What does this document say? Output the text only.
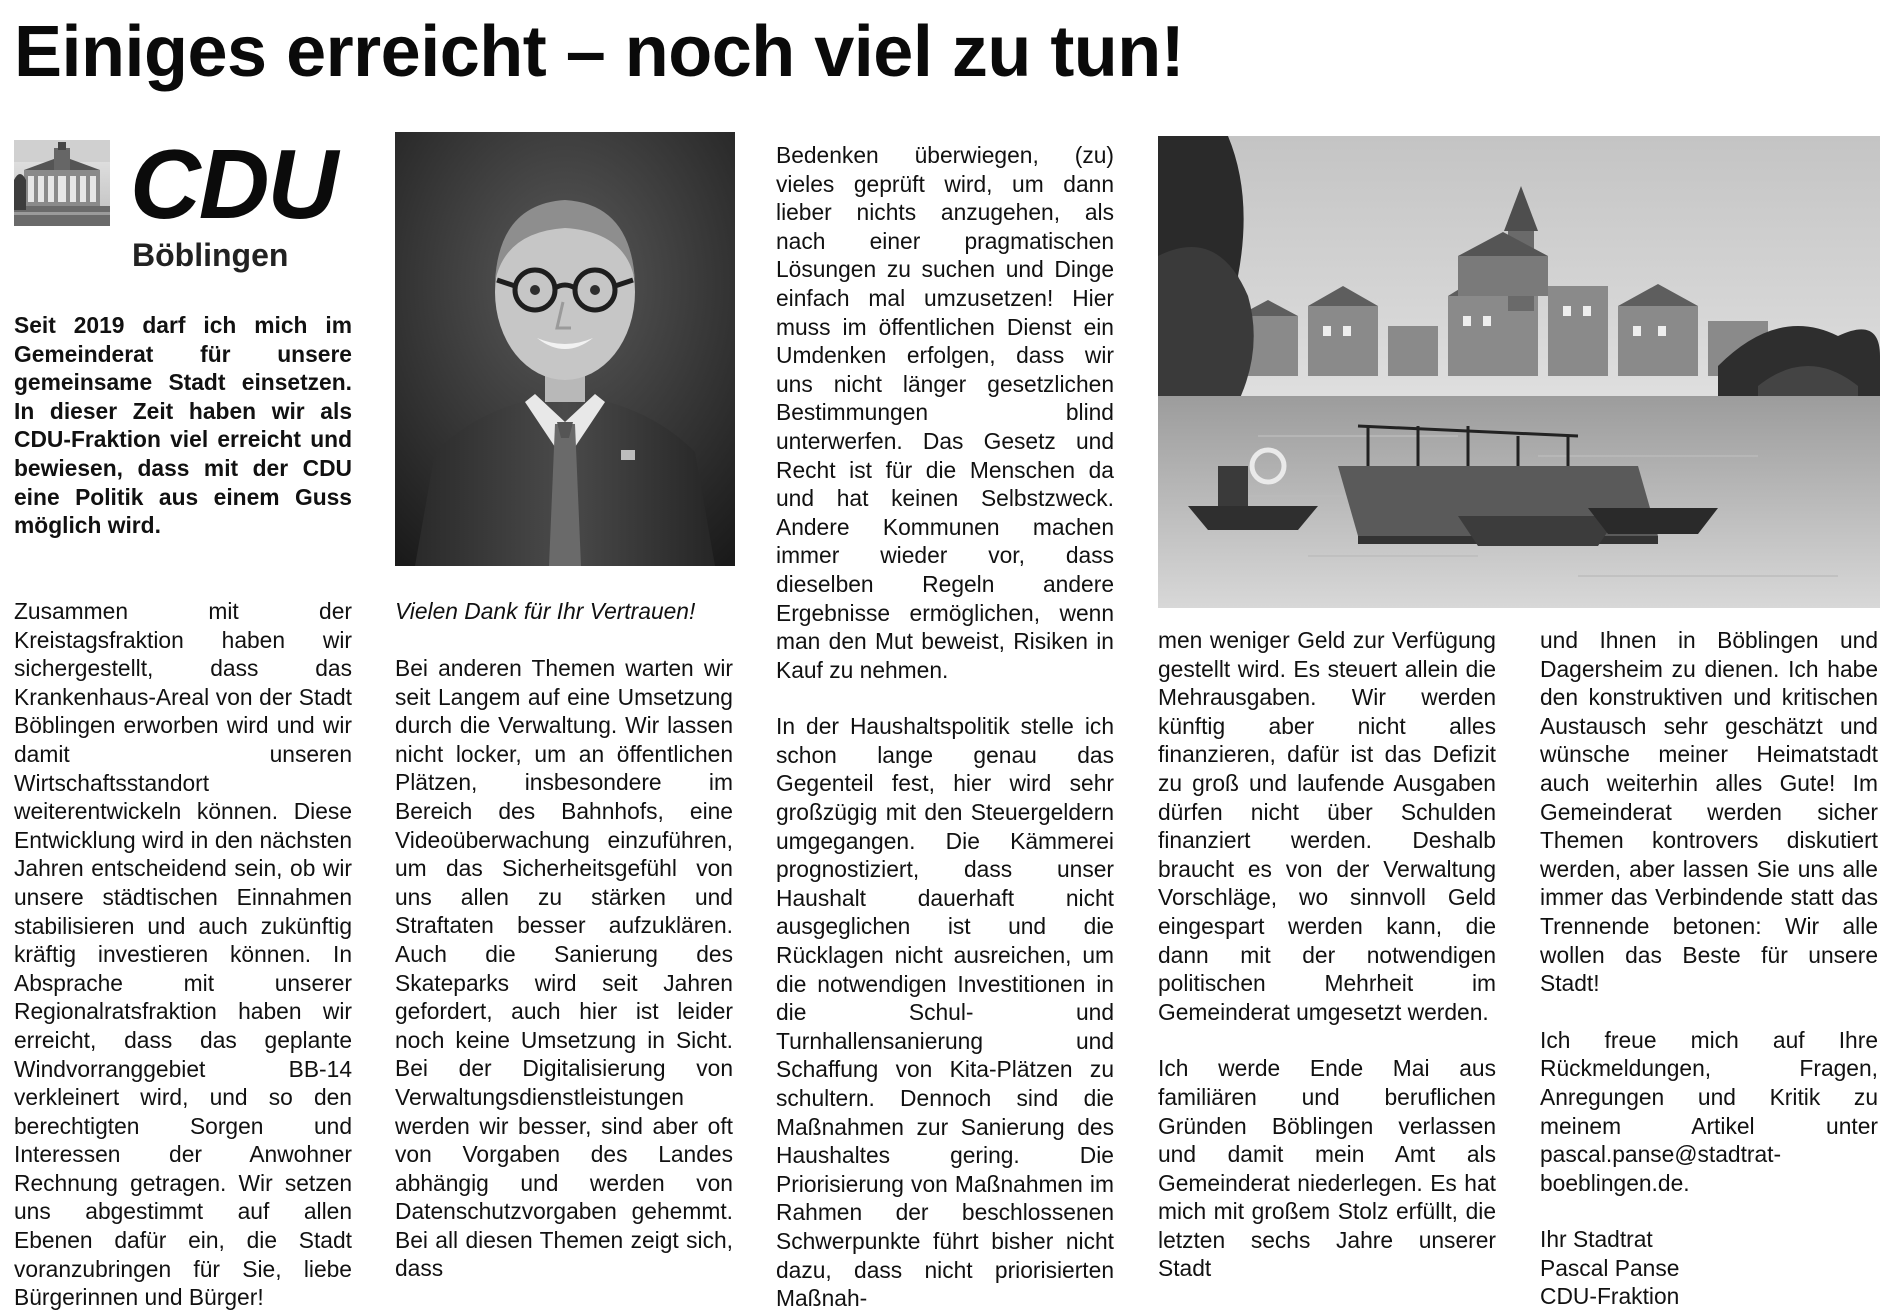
Einiges erreicht – noch viel zu tun!

CDU

Böblingen

Seit 2019 darf ich mich im Gemeinderat für unsere gemeinsame Stadt einsetzen. In dieser Zeit haben wir als CDU-Fraktion viel erreicht und bewiesen, dass mit der CDU eine Politik aus einem Guss möglich wird.

Vielen Dank für Ihr Vertrauen!

Zusammen mit der Kreistagsfraktion haben wir sichergestellt, dass das Krankenhaus-Areal von der Stadt Böblingen erworben wird und wir damit unseren Wirtschaftsstandort weiterentwickeln können. Diese Entwicklung wird in den nächsten Jahren entscheidend sein, ob wir unsere städtischen Einnahmen stabilisieren und auch zukünftig kräftig investieren können. In Absprache mit unserer Regionalratsfraktion haben wir erreicht, dass das geplante Windvorranggebiet BB-14 verkleinert wird, und so den berechtigten Sorgen und Interessen der Anwohner Rechnung getragen. Wir setzen uns abgestimmt auf allen Ebenen dafür ein, die Stadt voranzubringen für Sie, liebe Bürgerinnen und Bürger!

Bei anderen Themen warten wir seit Langem auf eine Umsetzung durch die Verwaltung. Wir lassen nicht locker, um an öffentlichen Plätzen, insbesondere im Bereich des Bahnhofs, eine Videoüberwachung einzuführen, um das Sicherheitsgefühl von uns allen zu stärken und Straftaten besser aufzuklären. Auch die Sanierung des Skateparks wird seit Jahren gefordert, auch hier ist leider noch keine Umsetzung in Sicht. Bei der Digitalisierung von Verwaltungsdienstleistungen werden wir besser, sind aber oft von Vorgaben des Landes abhängig und werden von Datenschutzvorgaben gehemmt. Bei all diesen Themen zeigt sich, dass

Bedenken überwiegen, (zu) vieles geprüft wird, um dann lieber nichts anzugehen, als nach einer pragmatischen Lösungen zu suchen und Dinge einfach mal umzusetzen! Hier muss im öffentlichen Dienst ein Umdenken erfolgen, dass wir uns nicht länger gesetzlichen Bestimmungen blind unterwerfen. Das Gesetz und Recht ist für die Menschen da und hat keinen Selbstzweck. Andere Kommunen machen immer wieder vor, dass dieselben Regeln andere Ergebnisse ermöglichen, wenn man den Mut beweist, Risiken in Kauf zu nehmen.

In der Haushaltspolitik stelle ich schon lange genau das Gegenteil fest, hier wird sehr großzügig mit den Steuergeldern umgegangen. Die Kämmerei prognostiziert, dass unser Haushalt dauerhaft nicht ausgeglichen ist und die Rücklagen nicht ausreichen, um die notwendigen Investitionen in die Schul- und Turnhallensanierung und Schaffung von Kita-Plätzen zu schultern. Dennoch sind die Maßnahmen zur Sanierung des Haushaltes gering. Die Priorisierung von Maßnahmen im Rahmen der beschlossenen Schwerpunkte führt bisher nicht dazu, dass nicht priorisierten Maßnah-

men weniger Geld zur Verfügung gestellt wird. Es steuert allein die Mehrausgaben. Wir werden künftig aber nicht alles finanzieren, dafür ist das Defizit zu groß und laufende Ausgaben dürfen nicht über Schulden finanziert werden. Deshalb braucht es von der Verwaltung Vorschläge, wo sinnvoll Geld eingespart werden kann, die dann mit der notwendigen politischen Mehrheit im Gemeinderat umgesetzt werden.

Ich werde Ende Mai aus familiären und beruflichen Gründen Böblingen verlassen und damit mein Amt als Gemeinderat niederlegen. Es hat mich mit großem Stolz erfüllt, die letzten sechs Jahre unserer Stadt

und Ihnen in Böblingen und Dagersheim zu dienen. Ich habe den konstruktiven und kritischen Austausch sehr geschätzt und wünsche meiner Heimatstadt auch weiterhin alles Gute! Im Gemeinderat werden sicher Themen kontrovers diskutiert werden, aber lassen Sie uns alle immer das Verbindende statt das Trennende betonen: Wir alle wollen das Beste für unsere Stadt!

Ich freue mich auf Ihre Rückmeldungen, Fragen, Anregungen und Kritik zu meinem Artikel unter pascal.panse@stadtrat-boeblingen.de.

Ihr Stadtrat
Pascal Panse
CDU-Fraktion
